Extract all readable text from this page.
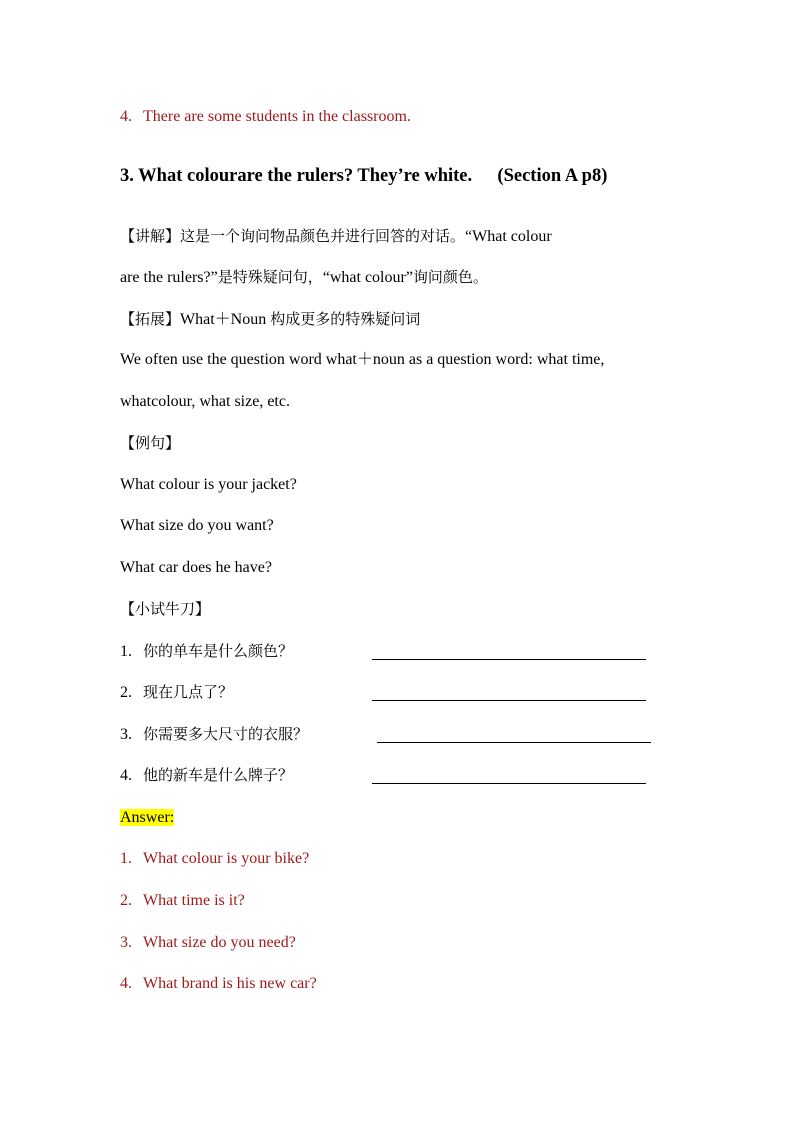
4. There are some students in the classroom.
3. What colourare the rulers? They’re white. (Section A p8)
【讲解】这是一个询问物品颜色并进行回答的对话。“What colour
are the rulers?”是特殊疑问句，“what colour”询问颜色。
【拓展】What＋Noun 构成更多的特殊疑问词
We often use the question word what＋noun as a question word: what time,
whatcolour, what size, etc.
【例句】
What colour is your jacket?
What size do you want?
What car does he have?
【小试牛刀】
1. 你的单车是什么颜色？
2. 现在几点了？
3. 你需要多大尺寸的衣服？
4. 他的新车是什么牌子？
Answer:
1. What colour is your bike?
2. What time is it?
3. What size do you need?
4. What brand is his new car?
